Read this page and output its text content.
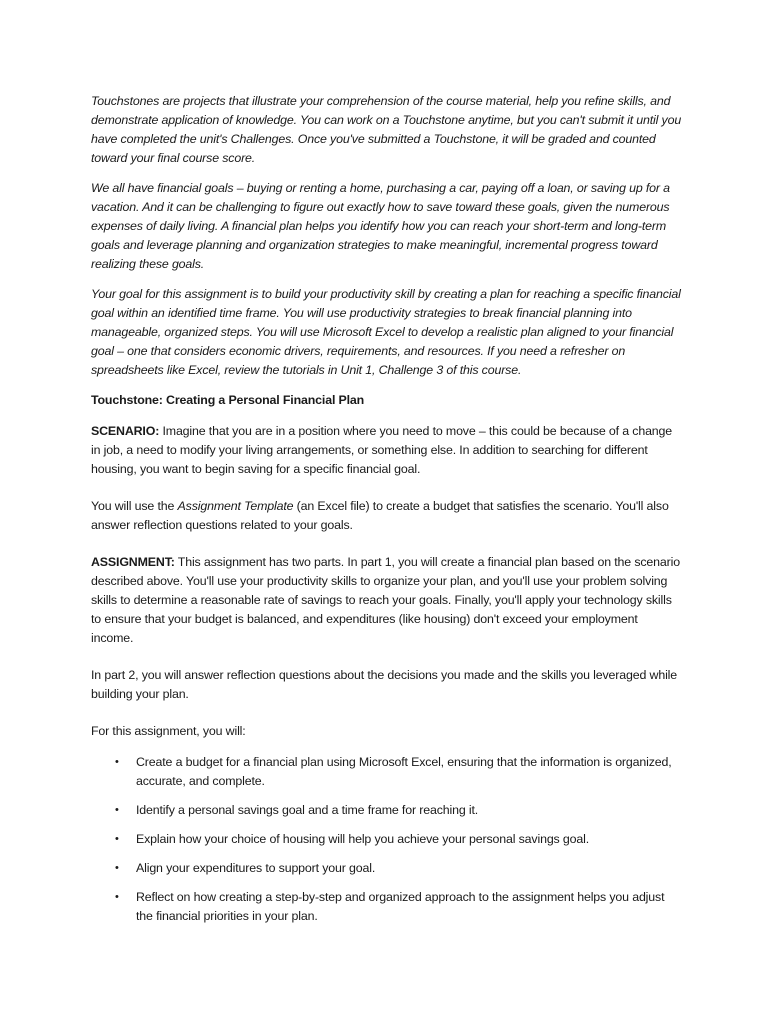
Touchstones are projects that illustrate your comprehension of the course material, help you refine skills, and demonstrate application of knowledge. You can work on a Touchstone anytime, but you can't submit it until you have completed the unit's Challenges. Once you've submitted a Touchstone, it will be graded and counted toward your final course score.

We all have financial goals – buying or renting a home, purchasing a car, paying off a loan, or saving up for a vacation. And it can be challenging to figure out exactly how to save toward these goals, given the numerous expenses of daily living. A financial plan helps you identify how you can reach your short-term and long-term goals and leverage planning and organization strategies to make meaningful, incremental progress toward realizing these goals.

Your goal for this assignment is to build your productivity skill by creating a plan for reaching a specific financial goal within an identified time frame. You will use productivity strategies to break financial planning into manageable, organized steps. You will use Microsoft Excel to develop a realistic plan aligned to your financial goal – one that considers economic drivers, requirements, and resources. If you need a refresher on spreadsheets like Excel, review the tutorials in Unit 1, Challenge 3 of this course.

Touchstone: Creating a Personal Financial Plan

SCENARIO: Imagine that you are in a position where you need to move – this could be because of a change in job, a need to modify your living arrangements, or something else. In addition to searching for different housing, you want to begin saving for a specific financial goal.

You will use the Assignment Template (an Excel file) to create a budget that satisfies the scenario. You'll also answer reflection questions related to your goals.

ASSIGNMENT: This assignment has two parts. In part 1, you will create a financial plan based on the scenario described above. You'll use your productivity skills to organize your plan, and you'll use your problem solving skills to determine a reasonable rate of savings to reach your goals. Finally, you'll apply your technology skills to ensure that your budget is balanced, and expenditures (like housing) don't exceed your employment income.

In part 2, you will answer reflection questions about the decisions you made and the skills you leveraged while building your plan.

For this assignment, you will:

• Create a budget for a financial plan using Microsoft Excel, ensuring that the information is organized, accurate, and complete.
• Identify a personal savings goal and a time frame for reaching it.
• Explain how your choice of housing will help you achieve your personal savings goal.
• Align your expenditures to support your goal.
• Reflect on how creating a step-by-step and organized approach to the assignment helps you adjust the financial priorities in your plan.
